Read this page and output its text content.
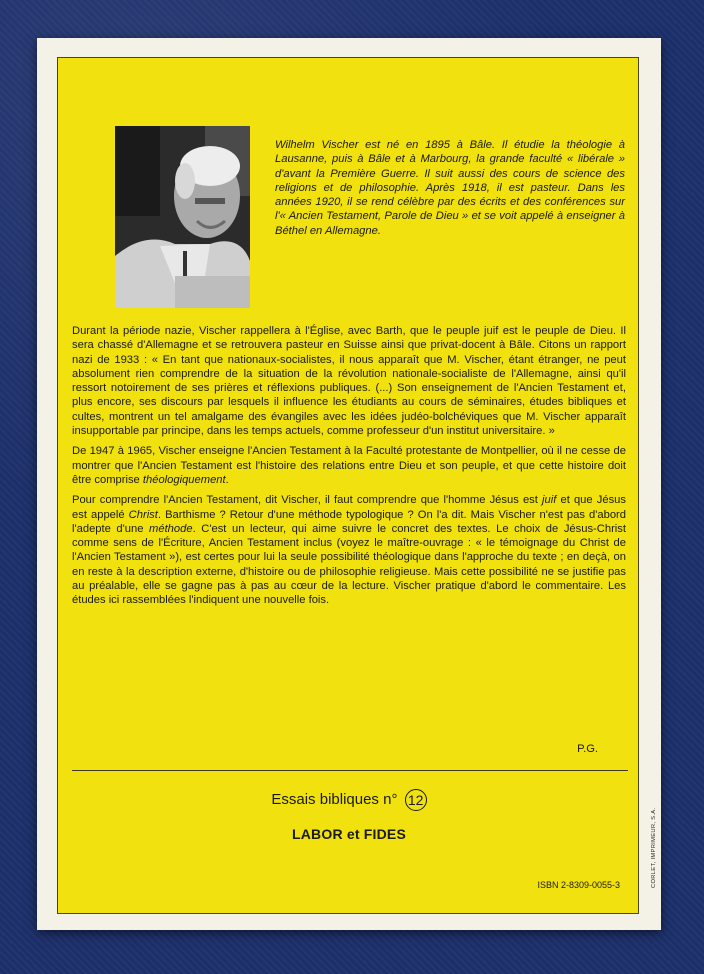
Wilhelm Vischer est né en 1895 à Bâle. Il étudie la théologie à Lausanne, puis à Bâle et à Marbourg, la grande faculté « libérale » d'avant la Première Guerre. Il suit aussi des cours de science des religions et de philosophie. Après 1918, il est pasteur. Dans les années 1920, il se rend célèbre par des écrits et des conférences sur l'« Ancien Testament, Parole de Dieu » et se voit appelé à enseigner à Béthel en Allemagne.

Durant la période nazie, Vischer rappellera à l'Église, avec Barth, que le peuple juif est le peuple de Dieu. Il sera chassé d'Allemagne et se retrouvera pasteur en Suisse ainsi que privat-docent à Bâle. Citons un rapport nazi de 1933 : « En tant que nationaux-socialistes, il nous apparaît que M. Vischer, étant étranger, ne peut absolument rien comprendre de la situation de la révolution nationale-socialiste de l'Allemagne, ainsi qu'il ressort notoirement de ses prières et réflexions publiques. (...) Son enseignement de l'Ancien Testament et, plus encore, ses discours par lesquels il influence les étudiants au cours de séminaires, études bibliques et cultes, montrent un tel amalgame des évangiles avec les idées judéo-bolchéviques que M. Vischer apparaît insupportable par principe, dans les temps actuels, comme professeur d'un institut universitaire. »

De 1947 à 1965, Vischer enseigne l'Ancien Testament à la Faculté protestante de Montpellier, où il ne cesse de montrer que l'Ancien Testament est l'histoire des relations entre Dieu et son peuple, et que cette histoire doit être comprise théologiquement.

Pour comprendre l'Ancien Testament, dit Vischer, il faut comprendre que l'homme Jésus est juif et que Jésus est appelé Christ. Barthisme ? Retour d'une méthode typologique ? On l'a dit. Mais Vischer n'est pas d'abord l'adepte d'une méthode. C'est un lecteur, qui aime suivre le concret des textes. Le choix de Jésus-Christ comme sens de l'Écriture, Ancien Testament inclus (voyez le maître-ouvrage : « le témoignage du Christ de l'Ancien Testament »), est certes pour lui la seule possibilité théologique dans l'approche du texte ; en deçà, on en reste à la description externe, d'histoire ou de philosophie religieuse. Mais cette possibilité ne se justifie pas au préalable, elle se gagne pas à pas au cœur de la lecture. Vischer pratique d'abord le commentaire. Les études ici rassemblées l'indiquent une nouvelle fois.

P.G.
Essais bibliques n° 12
LABOR et FIDES
ISBN 2-8309-0055-3	CORLET, IMPRIMEUR, S.A.
